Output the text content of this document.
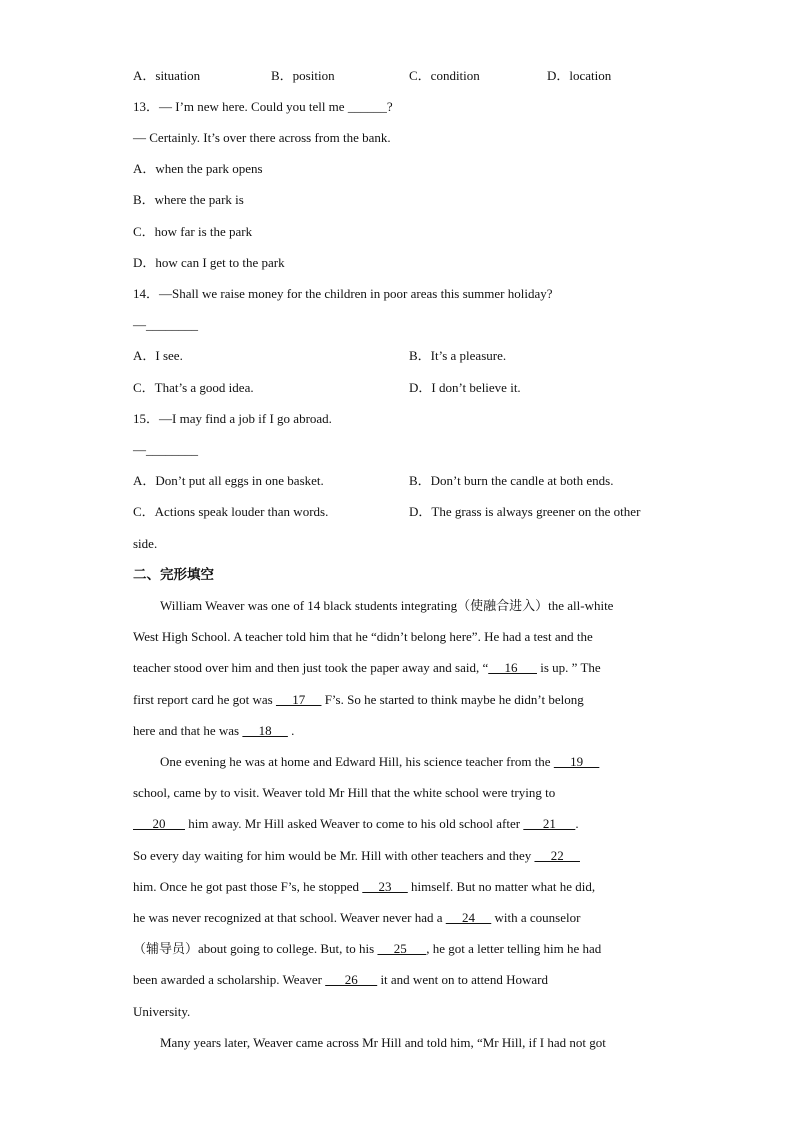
A．situation	B．position	C．condition	D．location
13．— I’m new here. Could you tell me ______?
— Certainly. It’s over there across from the bank.
A．when the park opens
B．where the park is
C．how far is the park
D．how can I get to the park
14．—Shall we raise money for the children in poor areas this summer holiday?
—________
A．I see.	B．It’s a pleasure.
C．That’s a good idea.	D．I don’t believe it.
15．—I may find a job if I go abroad.
—________
A．Don’t put all eggs in one basket.	B．Don’t burn the candle at both ends.
C．Actions speak louder than words.	D．The grass is always greener on the other
side.
二、完形填空
William Weaver was one of 14 black students integrating（使融合进入）the all-white
West High School. A teacher told him that he “didn’t belong here”. He had a test and the
teacher stood over him and then just took the paper away and said, “     16       is up. ” The
first report card he got was      17      F’s. So he started to think maybe he didn’t belong
here and that he was      18      .
One evening he was at home and Edward Hill, his science teacher from the      19
school, came by to visit. Weaver told Mr Hill that the white school were trying to
20       him away. Mr Hill asked Weaver to come to his old school after       21      .
So every day waiting for him would be Mr. Hill with other teachers and they      22
him. Once he got past those F’s, he stopped      23      himself. But no matter what he did,
he was never recognized at that school. Weaver never had a      24      with a counselor
（辅导员）about going to college. But, to his      25      , he got a letter telling him he had
been awarded a scholarship. Weaver       26       it and went on to attend Howard
University.
Many years later, Weaver came across Mr Hill and told him, “Mr Hill, if I had not got
